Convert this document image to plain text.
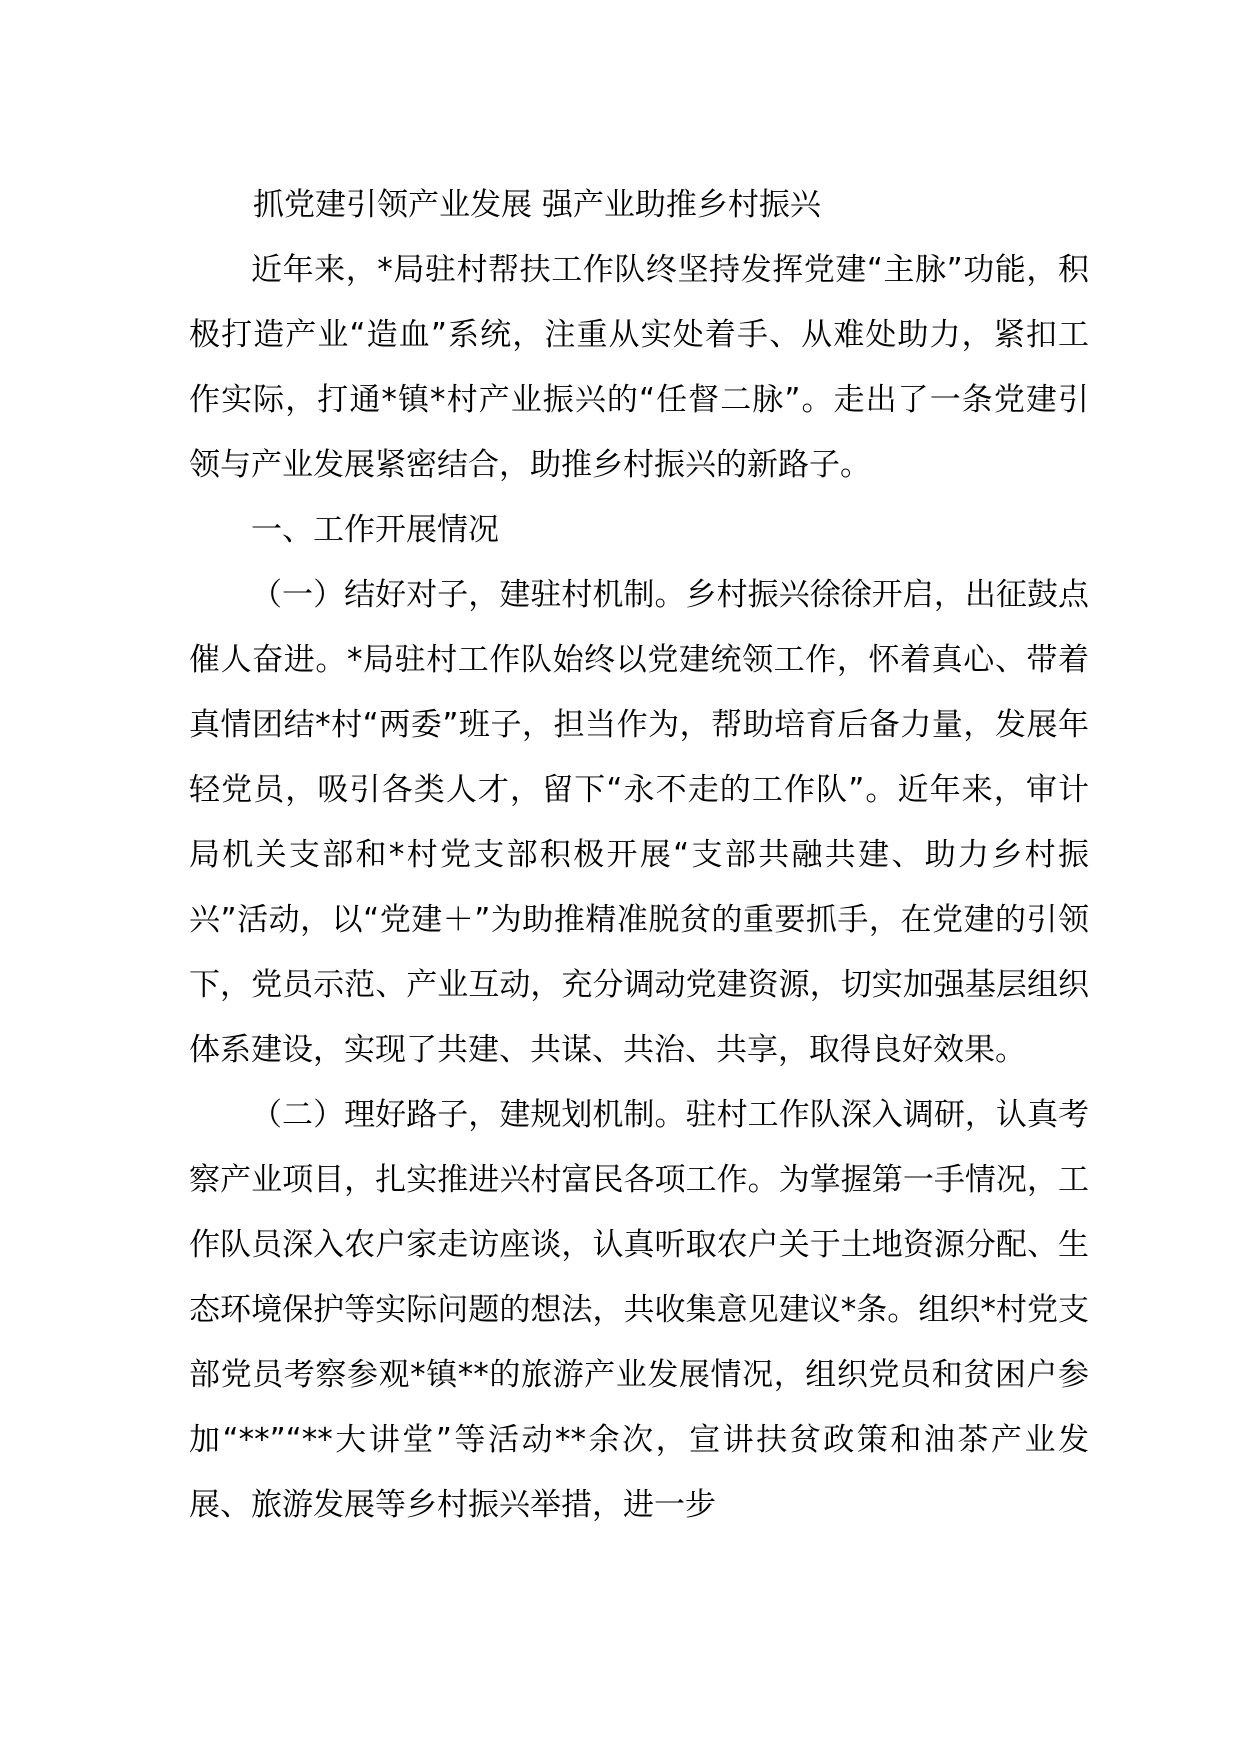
抓党建引领产业发展 强产业助推乡村振兴

近年来，*局驻村帮扶工作队终坚持发挥党建“主脉”功能，积极打造产业“造血”系统，注重从实处着手、从难处助力，紧扣工作实际，打通*镇*村产业振兴的“任督二脉”。走出了一条党建引领与产业发展紧密结合，助推乡村振兴的新路子。

一、工作开展情况

（一）结好对子，建驻村机制。乡村振兴徐徐开启，出征鼓点催人奋进。*局驻村工作队始终以党建统领工作，怀着真心、带着真情团结*村“两委”班子，担当作为，帮助培育后备力量，发展年轻党员，吸引各类人才，留下“永不走的工作队”。近年来，审计局机关支部和*村党支部积极开展“支部共融共建、助力乡村振兴”活动，以“党建＋”为助推精准脱贫的重要抓手，在党建的引领下，党员示范、产业互动，充分调动党建资源，切实加强基层组织体系建设，实现了共建、共谋、共治、共享，取得良好效果。

（二）理好路子，建规划机制。驻村工作队深入调研，认真考察产业项目，扎实推进兴村富民各项工作。为掌握第一手情况，工作队员深入农户家走访座谈，认真听取农户关于土地资源分配、生态环境保护等实际问题的想法，共收集意见建议*条。组织*村党支部党员考察参观*镇**的旅游产业发展情况，组织党员和贫困户参加“**”“**大讲堂”等活动**余次，宣讲扶贫政策和油茶产业发展、旅游发展等乡村振兴举措，进一步
